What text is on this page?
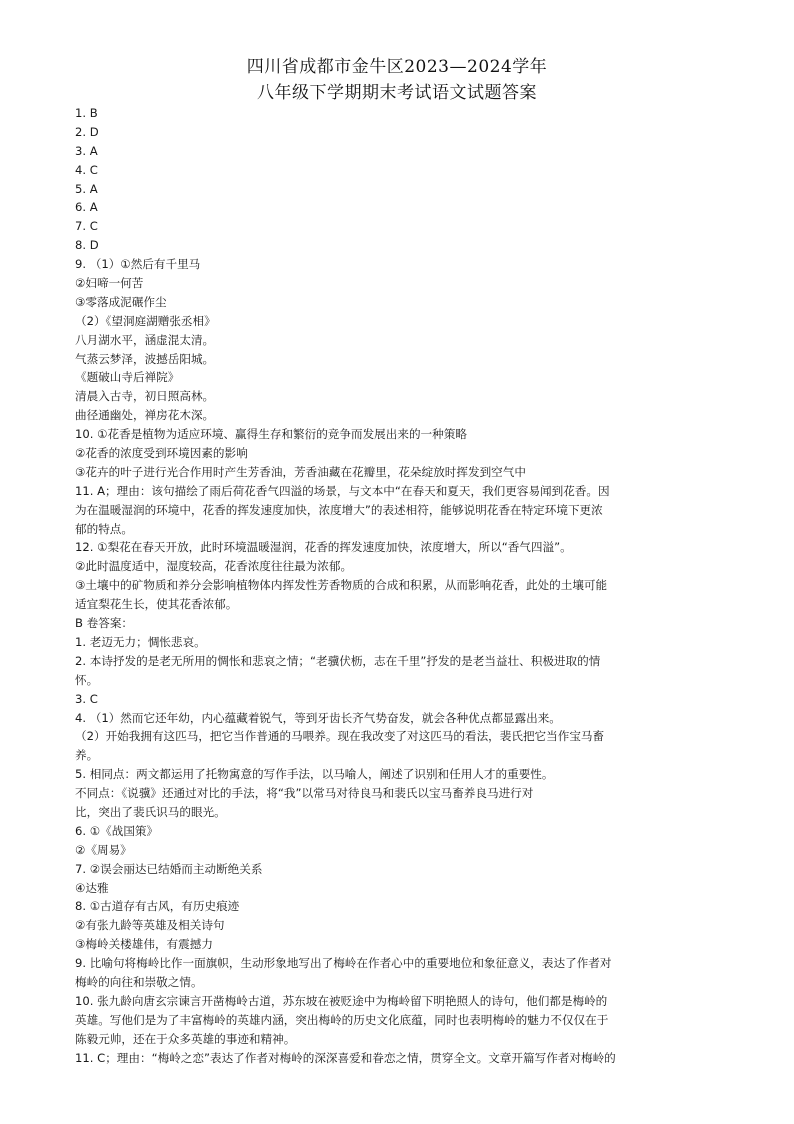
四川省成都市金牛区2023—2024学年
八年级下学期期末考试语文试题答案
1. B
2. D
3. A
4. C
5. A
6. A
7. C
8. D
9. （1）①然后有千里马
②妇啼一何苦
③零落成泥碾作尘
（2）《望洞庭湖赠张丞相》
八月湖水平，涵虚混太清。
气蒸云梦泽，波撼岳阳城。
《题破山寺后禅院》
清晨入古寺，初日照高林。
曲径通幽处，禅房花木深。
10. ①花香是植物为适应环境、赢得生存和繁衍的竞争而发展出来的一种策略
②花香的浓度受到环境因素的影响
③花卉的叶子进行光合作用时产生芳香油，芳香油藏在花瓣里，花朵绽放时挥发到空气中
11. A；理由：该句描绘了雨后荷花香气四溢的场景，与文本中“在春天和夏天，我们更容易闻到花香。因
为在温暖湿润的环境中，花香的挥发速度加快，浓度增大”的表述相符，能够说明花香在特定环境下更浓
郁的特点。
12. ①梨花在春天开放，此时环境温暖湿润，花香的挥发速度加快，浓度增大，所以“香气四溢”。
②此时温度适中，湿度较高，花香浓度往往最为浓郁。
③土壤中的矿物质和养分会影响植物体内挥发性芳香物质的合成和积累，从而影响花香，此处的土壤可能
适宜梨花生长，使其花香浓郁。
B 卷答案：
1. 老迈无力；惆怅悲哀。
2. 本诗抒发的是老无所用的惆怅和悲哀之情；“老骥伏枥，志在千里”抒发的是老当益壮、积极进取的情
怀。
3. C
4. （1）然而它还年幼，内心蕴藏着锐气，等到牙齿长齐气势奋发，就会各种优点都显露出来。
（2）开始我拥有这匹马，把它当作普通的马喂养。现在我改变了对这匹马的看法，裴氏把它当作宝马畜
养。
5. 相同点：两文都运用了托物寓意的写作手法，以马喻人，阐述了识别和任用人才的重要性。
不同点：《说骥》还通过对比的手法，将“我”以常马对待良马和裴氏以宝马畜养良马进行对
比，突出了裴氏识马的眼光。
6. ①《战国策》
②《周易》
7. ②误会丽达已结婚而主动断绝关系
④达雅
8. ①古道存有古风，有历史痕迹
②有张九龄等英雄及相关诗句
③梅岭关楼雄伟，有震撼力
9. 比喻句将梅岭比作一面旗帜，生动形象地写出了梅岭在作者心中的重要地位和象征意义，表达了作者对
梅岭的向往和崇敬之情。
10. 张九龄向唐玄宗谏言开凿梅岭古道，苏东坡在被贬途中为梅岭留下明艳照人的诗句，他们都是梅岭的
英雄。写他们是为了丰富梅岭的英雄内涵，突出梅岭的历史文化底蕴，同时也表明梅岭的魅力不仅仅在于
陈毅元帅，还在于众多英雄的事迹和精神。
11. C；理由：“梅岭之恋”表达了作者对梅岭的深深喜爱和眷恋之情，贯穿全文。文章开篇写作者对梅岭的
